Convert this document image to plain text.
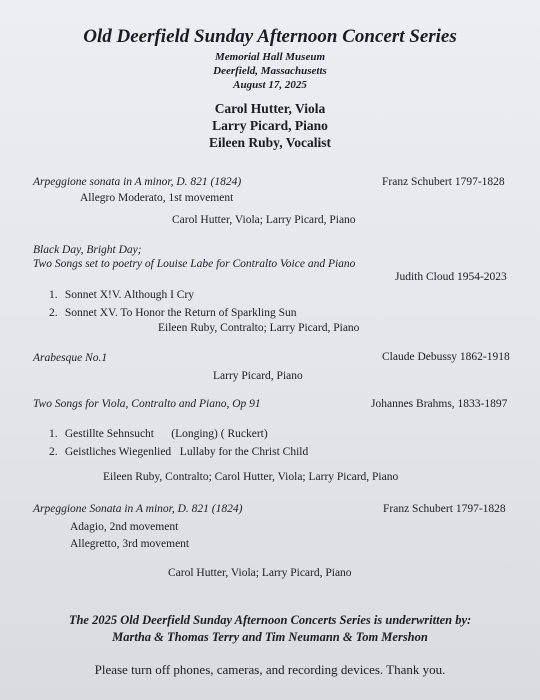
Old Deerfield Sunday Afternoon Concert Series
Memorial Hall Museum
Deerfield, Massachusetts
August 17, 2025
Carol Hutter, Viola
Larry Picard, Piano
Eileen Ruby, Vocalist
Arpeggione sonata in A minor, D. 821 (1824)	Franz Schubert 1797-1828
Allegro Moderato, 1st movement
Carol Hutter, Viola; Larry Picard, Piano
Black Day, Bright Day;
Two Songs set to poetry of Louise Labe for Contralto Voice and Piano
Judith Cloud 1954-2023
1. Sonnet X!V. Although I Cry
2. Sonnet XV. To Honor the Return of Sparkling Sun
Eileen Ruby, Contralto; Larry Picard, Piano
Arabesque No.1	Claude Debussy 1862-1918
Larry Picard, Piano
Two Songs for Viola, Contralto and Piano, Op 91	Johannes Brahms, 1833-1897
1. Gestillte Sehnsucht      (Longing) ( Ruckert)
2. Geistliches Wiegenlied   Lullaby for the Christ Child
Eileen Ruby, Contralto; Carol Hutter, Viola; Larry Picard, Piano
Arpeggione Sonata in A minor, D. 821 (1824)	Franz Schubert 1797-1828
Adagio, 2nd movement
Allegretto, 3rd movement
Carol Hutter, Viola; Larry Picard, Piano
The 2025 Old Deerfield Sunday Afternoon Concerts Series is underwritten by:
Martha & Thomas Terry and Tim Neumann & Tom Mershon
Please turn off phones, cameras, and recording devices. Thank you.
